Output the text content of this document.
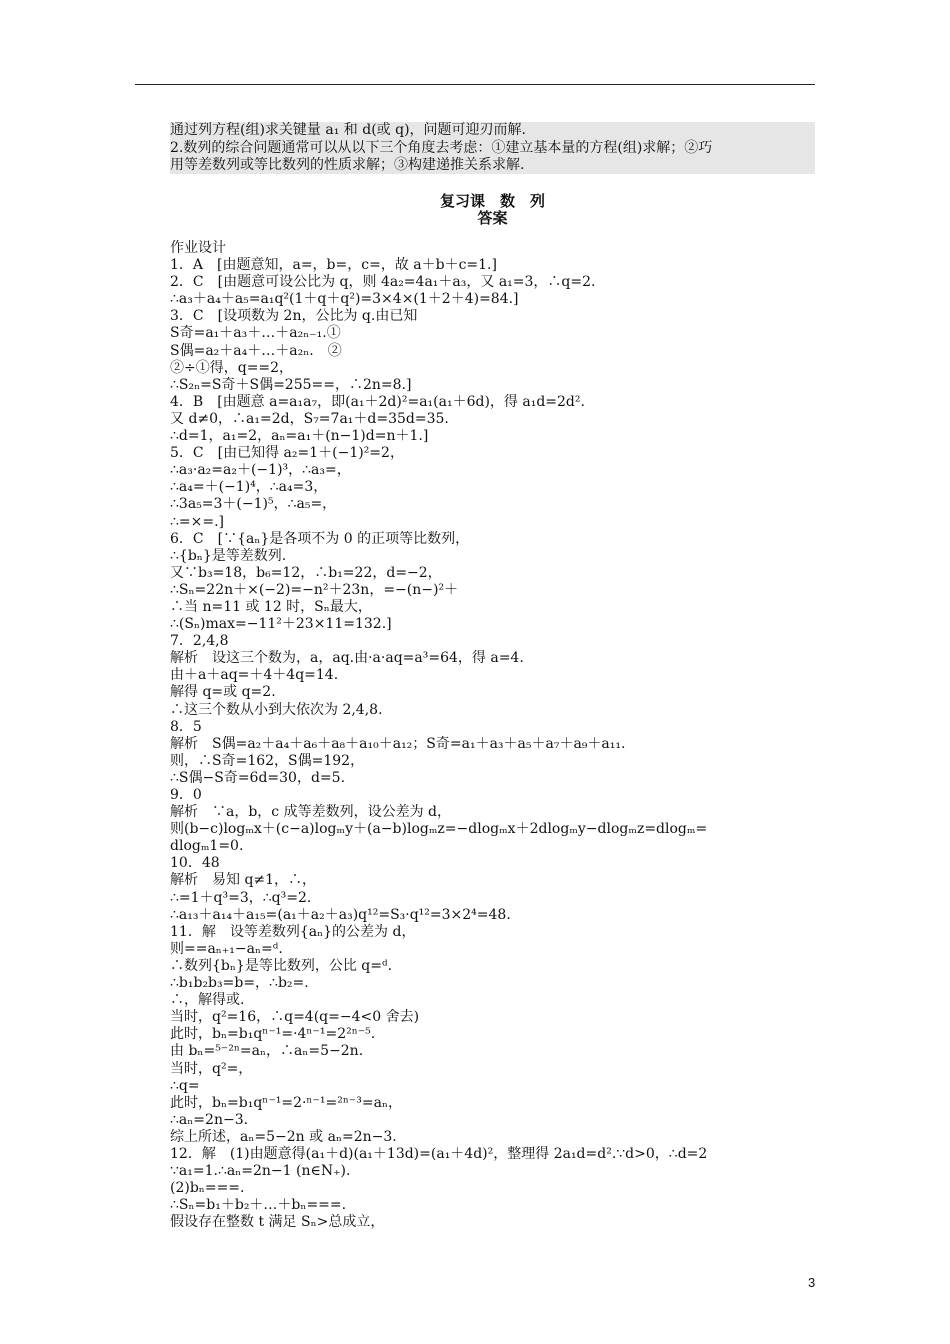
通过列方程(组)求关键量 a₁ 和 d(或 q)，问题可迎刃而解.

2.数列的综合问题通常可以从以下三个角度去考虑：①建立基本量的方程(组)求解；②巧

用等差数列或等比数列的性质求解；③构建递推关系求解.

复习课　数　列
答案
作业设计
1．A　[由题意知，a=，b=，c=，故 a＋b＋c=1.]
2．C　[由题意可设公比为 q，则 4a₂=4a₁＋a₃，又 a₁=3，∴q=2.
∴a₃＋a₄＋a₅=a₁q²(1＋q＋q²)=3×4×(1＋2＋4)=84.]
3．C　[设项数为 2n，公比为 q.由已知
S奇=a₁＋a₃＋…＋a₂ₙ₋₁.①
S偶=a₂＋a₄＋…＋a₂ₙ.　②
②÷①得，q==2，
∴S₂ₙ=S奇＋S偶=255==，∴2n=8.]
4．B　[由题意 a=a₁a₇，即(a₁＋2d)²=a₁(a₁＋6d)，得 a₁d=2d².
又 d≠0，∴a₁=2d，S₇=7a₁＋d=35d=35.
∴d=1，a₁=2，aₙ=a₁＋(n−1)d=n＋1.]
5．C　[由已知得 a₂=1＋(−1)²=2，
∴a₃·a₂=a₂＋(−1)³，∴a₃=，
∴a₄=＋(−1)⁴，∴a₄=3，
∴3a₅=3＋(−1)⁵，∴a₅=，
∴=×=.]
6．C　[∵{aₙ}是各项不为 0 的正项等比数列，
∴{bₙ}是等差数列.
又∵b₃=18，b₆=12，∴b₁=22，d=−2，
∴Sₙ=22n＋×(−2)=−n²＋23n，=−(n−)²＋
∴当 n=11 或 12 时，Sₙ最大，
∴(Sₙ)max=−11²＋23×11=132.]
7．2,4,8
解析　设这三个数为，a，aq.由·a·aq=a³=64，得 a=4.
由＋a＋aq=＋4＋4q=14.
解得 q=或 q=2.
∴这三个数从小到大依次为 2,4,8.
8．5
解析　S偶=a₂＋a₄＋a₆＋a₈＋a₁₀＋a₁₂；S奇=a₁＋a₃＋a₅＋a₇＋a₉＋a₁₁.
则，∴S奇=162，S偶=192，
∴S偶−S奇=6d=30，d=5.
9．0
解析　∵a，b，c 成等差数列，设公差为 d，
则(b−c)logₘx＋(c−a)logₘy＋(a−b)logₘz=−dlogₘx＋2dlogₘy−dlogₘz=dlogₘ=
dlogₘ1=0.
10．48
解析　易知 q≠1，∴，
∴=1＋q³=3，∴q³=2.
∴a₁₃＋a₁₄＋a₁₅=(a₁＋a₂＋a₃)q¹²=S₃·q¹²=3×2⁴=48.
11．解　设等差数列{aₙ}的公差为 d，
则==aₙ₊₁−aₙ=ᵈ.
∴数列{bₙ}是等比数列，公比 q=ᵈ.
∴b₁b₂b₃=b=，∴b₂=.
∴，解得或.
当时，q²=16，∴q=4(q=−4<0 舍去)
此时，bₙ=b₁qⁿ⁻¹=·4ⁿ⁻¹=2²ⁿ⁻⁵.
由 bₙ=⁵⁻²ⁿ=aₙ，∴aₙ=5−2n.
当时，q²=，
∴q=
此时，bₙ=b₁qⁿ⁻¹=2·ⁿ⁻¹=²ⁿ⁻³=aₙ，
∴aₙ=2n−3.
综上所述，aₙ=5−2n 或 aₙ=2n−3.
12．解　(1)由题意得(a₁＋d)(a₁＋13d)=(a₁＋4d)²，整理得 2a₁d=d².∵d>0，∴d=2
∵a₁=1.∴aₙ=2n−1 (n∈N₊).
(2)bₙ===.
∴Sₙ=b₁＋b₂＋…＋bₙ===.
假设存在整数 t 满足 Sₙ>总成立，
3
